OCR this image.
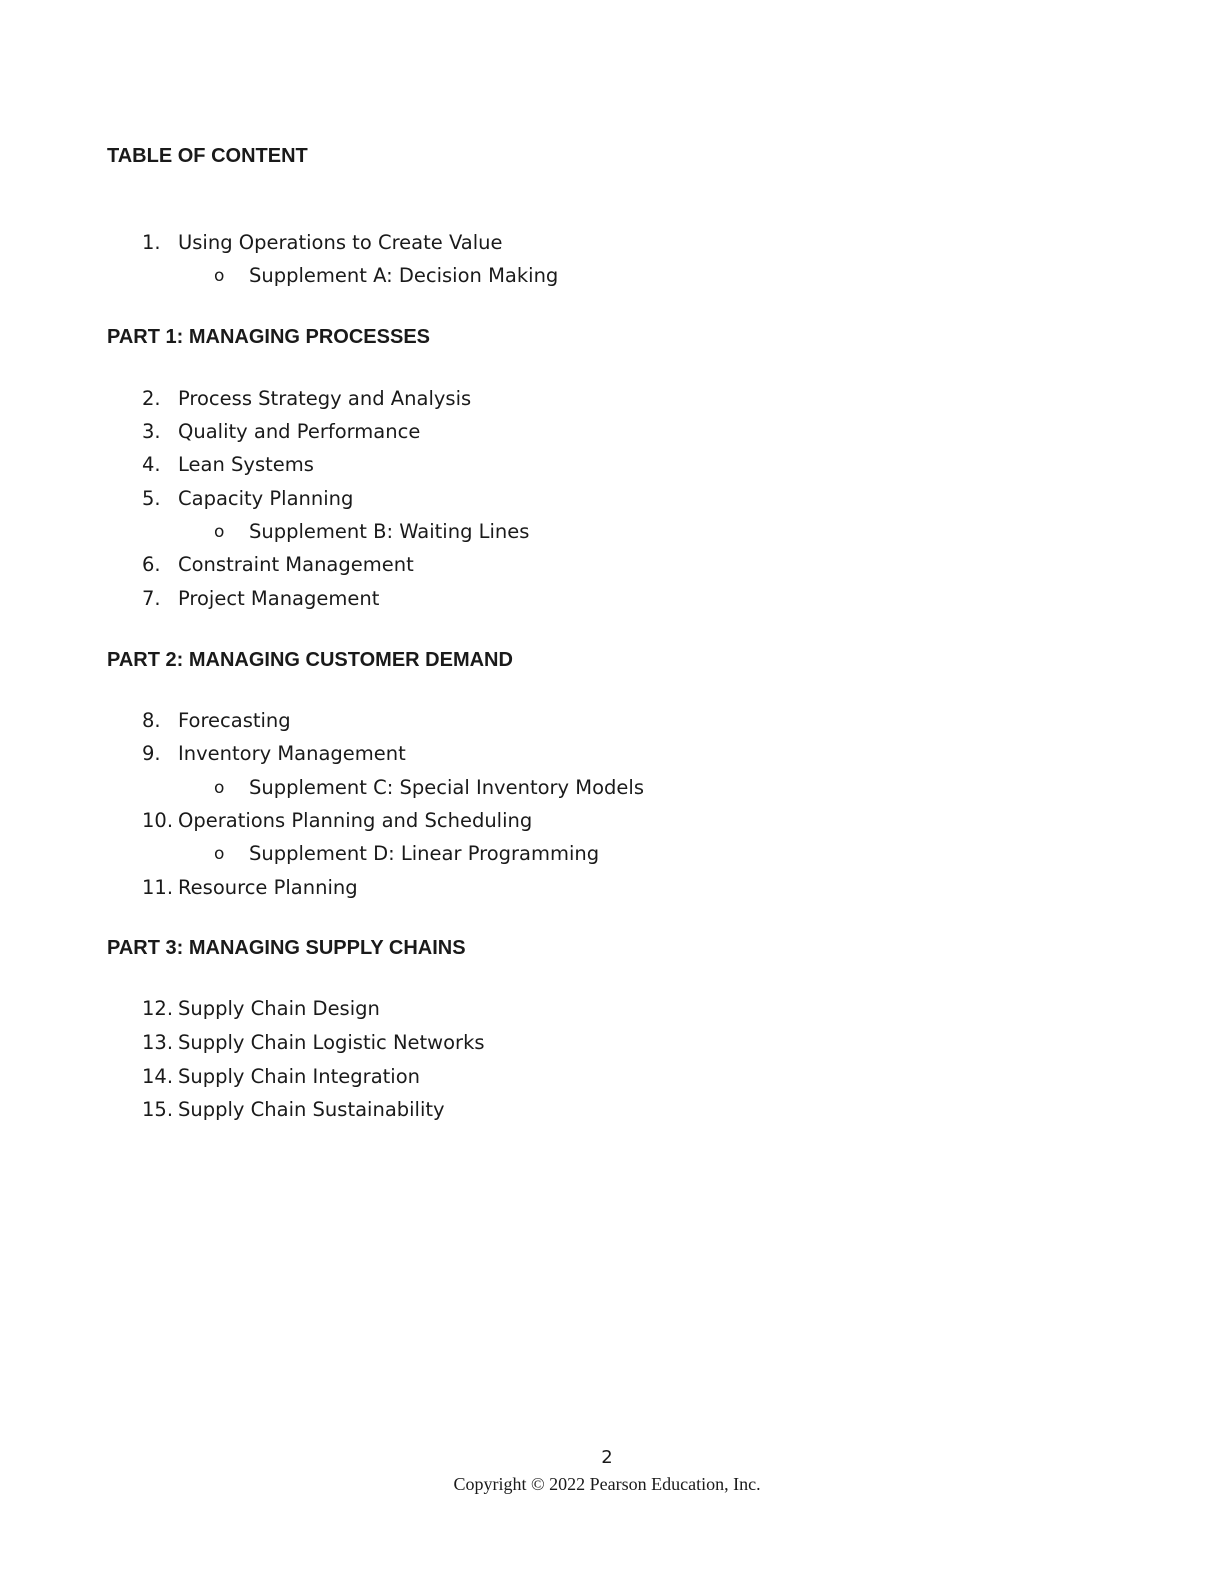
TABLE OF CONTENT
1. Using Operations to Create Value
o Supplement A: Decision Making
PART 1: MANAGING PROCESSES
2. Process Strategy and Analysis
3. Quality and Performance
4. Lean Systems
5. Capacity Planning
o Supplement B: Waiting Lines
6. Constraint Management
7. Project Management
PART 2: MANAGING CUSTOMER DEMAND
8. Forecasting
9. Inventory Management
o Supplement C: Special Inventory Models
10. Operations Planning and Scheduling
o Supplement D: Linear Programming
11. Resource Planning
PART 3: MANAGING SUPPLY CHAINS
12. Supply Chain Design
13. Supply Chain Logistic Networks
14. Supply Chain Integration
15. Supply Chain Sustainability
2
Copyright © 2022 Pearson Education, Inc.
